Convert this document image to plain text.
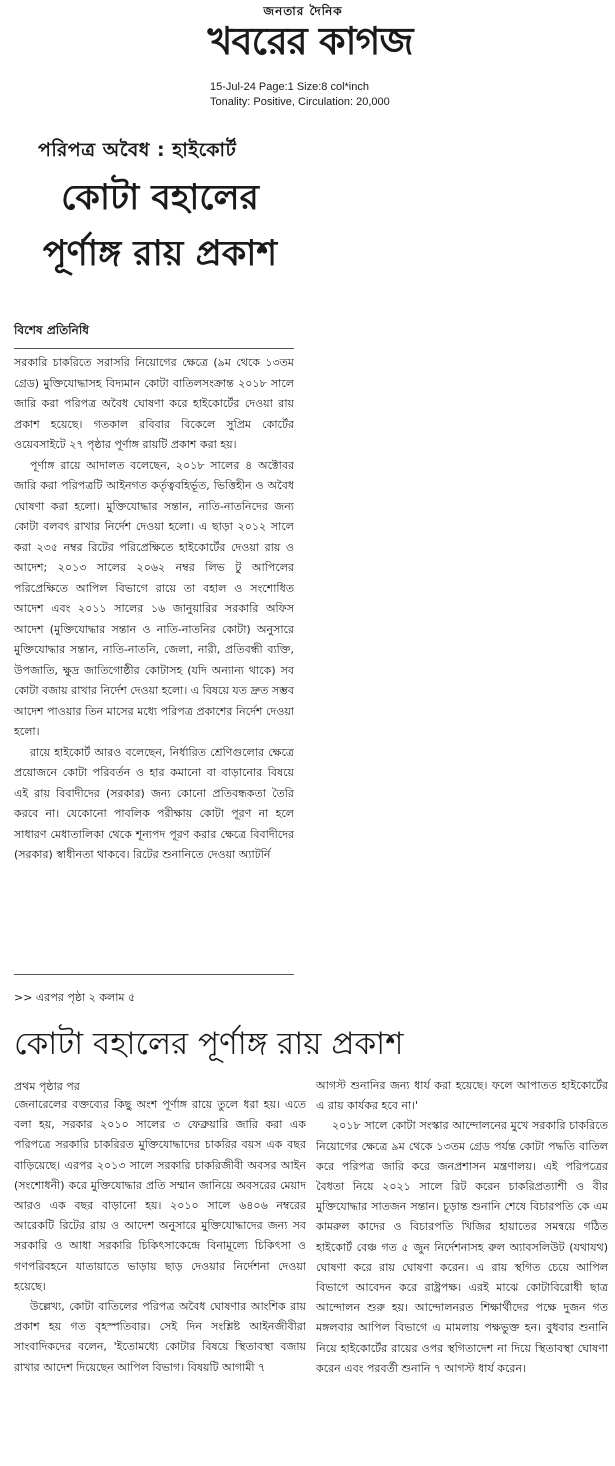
জনতার দৈনিক
খবরের কাগজ
15-Jul-24 Page:1 Size:8 col*inch
Tonality: Positive, Circulation: 20,000
পরিপত্র অবৈধ : হাইকোর্ট
কোটা বহালের পূর্ণাঙ্গ রায় প্রকাশ
বিশেষ প্রতিনিধি

সরকারি চাকরিতে সরাসরি নিয়োগের ক্ষেত্রে (৯ম থেকে ১৩তম গ্রেড) মুক্তিযোদ্ধাসহ বিদ্যমান কোটা বাতিলসংক্রান্ত ২০১৮ সালে জারি করা পরিপত্র অবৈধ ঘোষণা করে হাইকোর্টের দেওয়া রায় প্রকাশ হয়েছে। গতকাল রবিবার বিকেলে সুপ্রিম কোর্টের ওয়েবসাইটে ২৭ পৃষ্ঠার পূর্ণাঙ্গ রায়টি প্রকাশ করা হয়।

পূর্ণাঙ্গ রায়ে আদালত বলেছেন, ২০১৮ সালের ৪ অক্টোবর জারি করা পরিপত্রটি আইনগত কর্তৃত্ববহির্ভূত, ভিত্তিহীন ও অবৈধ ঘোষণা করা হলো। মুক্তিযোদ্ধার সন্তান, নাতি-নাতনিদের জন্য কোটা বলবৎ রাখার নির্দেশ দেওয়া হলো। এ ছাড়া ২০১২ সালে করা ২৩৫ নম্বর রিটের পরিপ্রেক্ষিতে হাইকোর্টের দেওয়া রায় ও আদেশ; ২০১৩ সালের ২০৬২ নম্বর লিভ টু আপিলের পরিপ্রেক্ষিতে আপিল বিভাগে রায়ে তা বহাল ও সংশোধিত আদেশ এবং ২০১১ সালের ১৬ জানুয়ারির সরকারি অফিস আদেশ (মুক্তিযোদ্ধার সন্তান ও নাতি-নাতনির কোটা) অনুসারে মুক্তিযোদ্ধার সন্তান, নাতি-নাতনি, জেলা, নারী, প্রতিবন্ধী ব্যক্তি, উপজাতি, ক্ষুদ্র জাতিগোষ্ঠীর কোটাসহ (যদি অন্যান্য থাকে) সব কোটা বজায় রাখার নির্দেশ দেওয়া হলো। এ বিষয়ে যত দ্রুত সম্ভব আদেশ পাওয়ার তিন মাসের মধ্যে পরিপত্র প্রকাশের নির্দেশ দেওয়া হলো।

রায়ে হাইকোর্ট আরও বলেছেন, নির্ধারিত শ্রেণিগুলোর ক্ষেত্রে প্রয়োজনে কোটা পরিবর্তন ও হার কমানো বা বাড়ানোর বিষয়ে এই রায় বিবাদীদের (সরকার) জন্য কোনো প্রতিবন্ধকতা তৈরি করবে না। যেকোনো পাবলিক পরীক্ষায় কোটা পূরণ না হলে সাধারণ মেধাতালিকা থেকে শূন্যপদ পূরণ করার ক্ষেত্রে বিবাদীদের (সরকার) স্বাধীনতা থাকবে। রিটের শুনানিতে দেওয়া অ্যাটর্নি

>> এরপর পৃষ্ঠা ২ কলাম ৫
কোটা বহালের পূর্ণাঙ্গ রায় প্রকাশ
প্রথম পৃষ্ঠার পর

জেনারেলের বক্তব্যের কিছু অংশ পূর্ণাঙ্গ রায়ে তুলে ধরা হয়। এতে বলা হয়, সরকার ২০১০ সালের ৩ ফেব্রুয়ারি জারি করা এক পরিপত্রে সরকারি চাকরিরত মুক্তিযোদ্ধাদের চাকরির বয়স এক বছর বাড়িয়েছে। এরপর ২০১৩ সালে সরকারি চাকরিজীবী অবসর আইন (সংশোধনী) করে মুক্তিযোদ্ধার প্রতি সম্মান জানিয়ে অবসরের মেয়াদ আরও এক বছর বাড়ানো হয়। ২০১০ সালে ৬৪০৬ নম্বরের আরেকটি রিটের রায় ও আদেশ অনুসারে মুক্তিযোদ্ধাদের জন্য সব সরকারি ও আধা সরকারি চিকিৎসাকেন্দ্রে বিনামূল্যে চিকিৎসা ও গণপরিবহনে যাতায়াতে ভাড়ায় ছাড় দেওয়ার নির্দেশনা দেওয়া হয়েছে।

উল্লেখ্য, কোটা বাতিলের পরিপত্র অবৈধ ঘোষণার আংশিক রায় প্রকাশ হয় গত বৃহস্পতিবার। সেই দিন সংশ্লিষ্ট আইনজীবীরা সাংবাদিকদের বলেন, 'ইতোমধ্যে কোটার বিষয়ে স্থিতাবস্থা বজায় রাখার আদেশ দিয়েছেন আপিল বিভাগ। বিষয়টি আগামী ৭

আগস্ট শুনানির জন্য ধার্য করা হয়েছে। ফলে আপাতত হাইকোর্টের এ রায় কার্যকর হবে না।'

২০১৮ সালে কোটা সংস্কার আন্দোলনের মুখে সরকারি চাকরিতে নিয়োগের ক্ষেত্রে ৯ম থেকে ১৩তম গ্রেড পর্যন্ত কোটা পদ্ধতি বাতিল করে পরিপত্র জারি করে জনপ্রশাসন মন্ত্রণালয়। এই পরিপত্রের বৈধতা নিয়ে ২০২১ সালে রিট করেন চাকরিপ্রত্যাশী ও বীর মুক্তিযোদ্ধার সাতজন সন্তান। চূড়ান্ত শুনানি শেষে বিচারপতি কে এম কামরুল কাদের ও বিচারপতি খিজির হায়াতের সমন্বয়ে গঠিত হাইকোর্ট বেঞ্চ গত ৫ জুন নির্দেশনাসহ রুল অ্যাবসলিউট (যথাযথ) ঘোষণা করে রায় ঘোষণা করেন। এ রায় স্থগিত চেয়ে আপিল বিভাগে আবেদন করে রাষ্ট্রপক্ষ। এরই মাঝে কোটাবিরোধী ছাত্র আন্দোলন শুরু হয়। আন্দোলনরত শিক্ষার্থীদের পক্ষে দুজন গত মঙ্গলবার আপিল বিভাগে এ মামলায় পক্ষভুক্ত হন। বুধবার শুনানি নিয়ে হাইকোর্টের রায়ের ওপর স্থগিতাদেশ না দিয়ে স্থিতাবস্থা ঘোষণা করেন এবং পরবর্তী শুনানি ৭ আগস্ট ধার্য করেন।
